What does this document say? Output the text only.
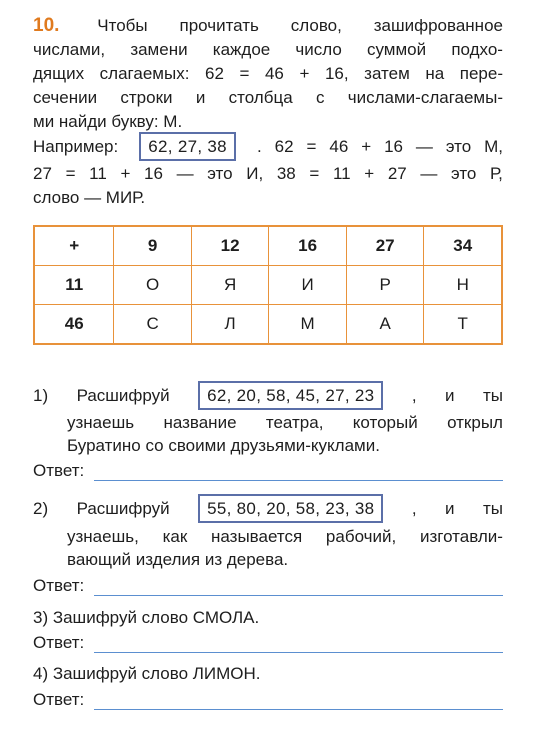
10. Чтобы прочитать слово, зашифрованное
числами, замени каждое число суммой подхо-
дящих слагаемых: 62 = 46 + 16, затем на пере-
сечении строки и столбца с числами-слагаемы-
ми найди букву: М.
Например:	62, 27, 38	. 62 = 46 + 16 — это М,
27 = 11 + 16 — это И, 38 = 11 + 27 — это Р,
слово — МИР.
+	9	12	16	27	34
11	О	Я	И	Р	Н
46	С	Л	М	А	Т
1) Расшифруй	62, 20, 58, 45, 27, 23	, и ты
узнаешь название театра, который открыл
Буратино со своими друзьями-куклами.
Ответ:
2) Расшифруй	55, 80, 20, 58, 23, 38	, и ты
узнаешь, как называется рабочий, изготавли-
вающий изделия из дерева.
Ответ:
3) Зашифруй слово СМОЛА.
Ответ:
4) Зашифруй слово ЛИМОН.
Ответ:
